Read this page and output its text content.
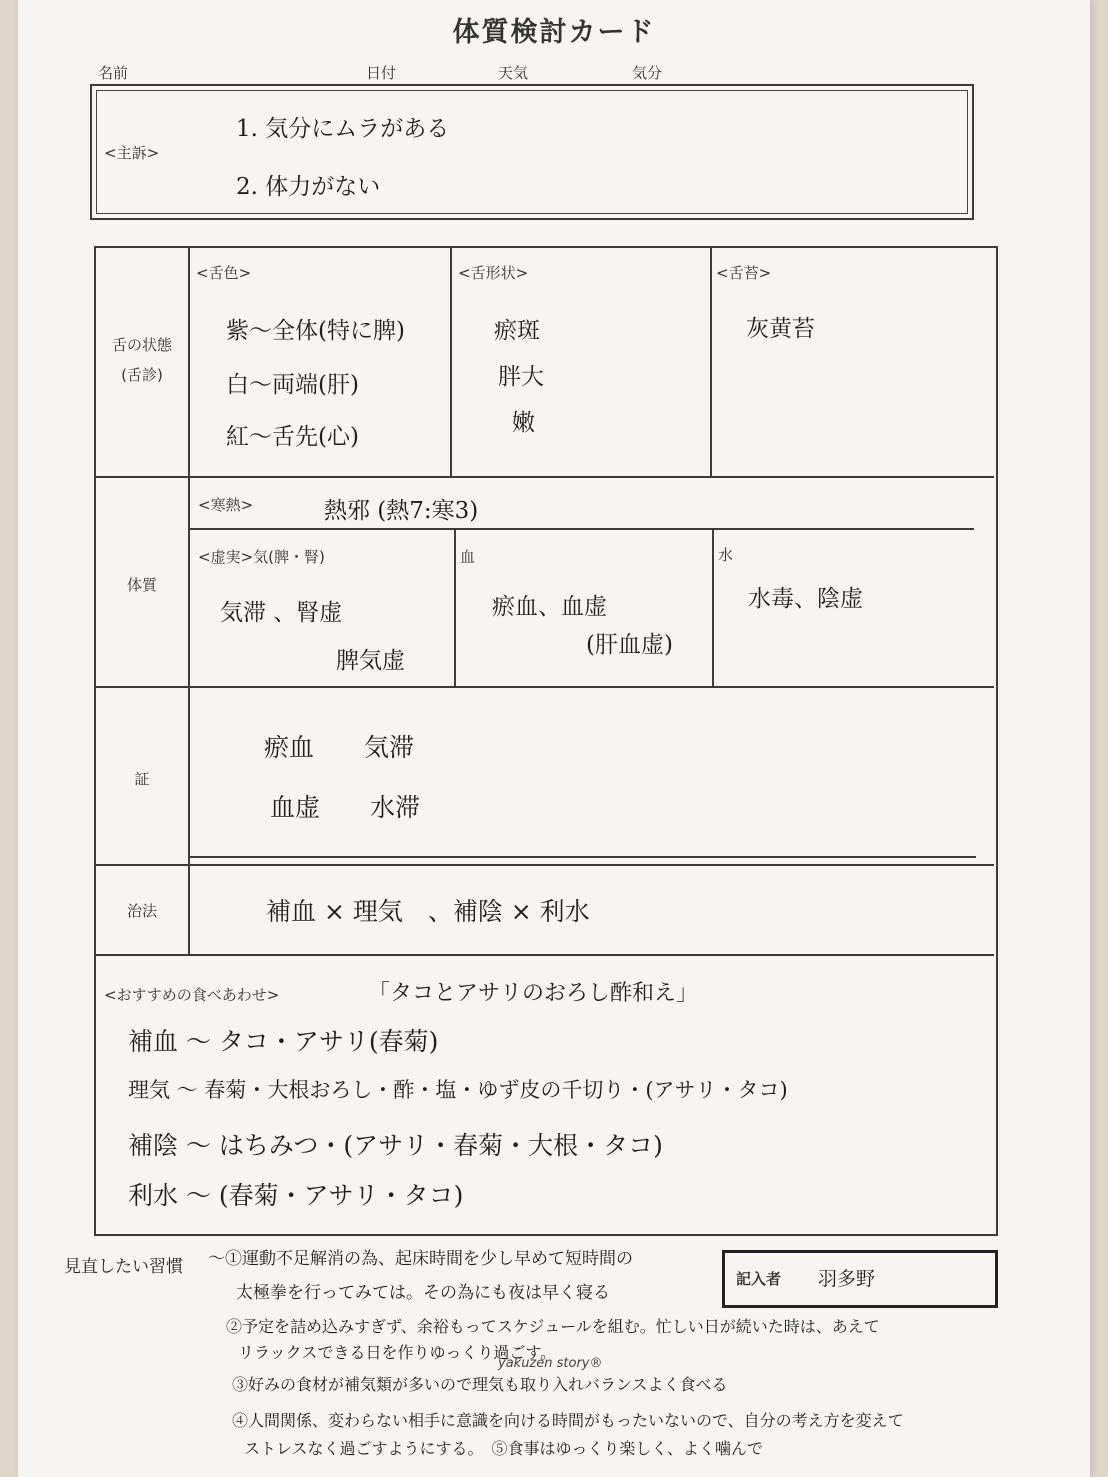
体質検討カード
名前	日付	天気	気分
<主訴>
1. 気分にムラがある
2. 体力がない
舌の状態
(舌診)
<舌色>
紫～全体(特に脾)
白～両端(肝)
紅～舌先(心)
<舌形状>
瘀斑
胖大
嫩
<舌苔>
灰黄苔
体質
<寒熱>	熱邪 (熱7:寒3)
<虚実>気(脾・腎)
気滞 、腎虚
脾気虚
血
瘀血、血虚
(肝血虚)
水
水毒、陰虚
証
瘀血　　気滞
血虚　　水滞
治法	補血 × 理気　、補陰 × 利水
<おすすめの食べあわせ>	「タコとアサリのおろし酢和え」
補血 ～ タコ・アサリ(春菊)
理気 ～ 春菊・大根おろし・酢・塩・ゆず皮の千切り・(アサリ・タコ)
補陰 ～ はちみつ・(アサリ・春菊・大根・タコ)
利水 ～ (春菊・アサリ・タコ)
見直したい習慣 ～①運動不足解消の為、起床時間を少し早めて短時間の
太極拳を行ってみては。その為にも夜は早く寝る
②予定を詰め込みすぎず、余裕もってスケジュールを組む。忙しい日が続いた時は、あえて
リラックスできる日を作りゆっくり過ごす。
③好みの食材が補気類が多いので理気も取り入れバランスよく食べる
④人間関係、変わらない相手に意識を向ける時間がもったいないので、自分の考え方を変えて
ストレスなく過ごすようにする。　⑤食事はゆっくり楽しく、よく噛んで
yakuzen story®
記入者 羽多野
